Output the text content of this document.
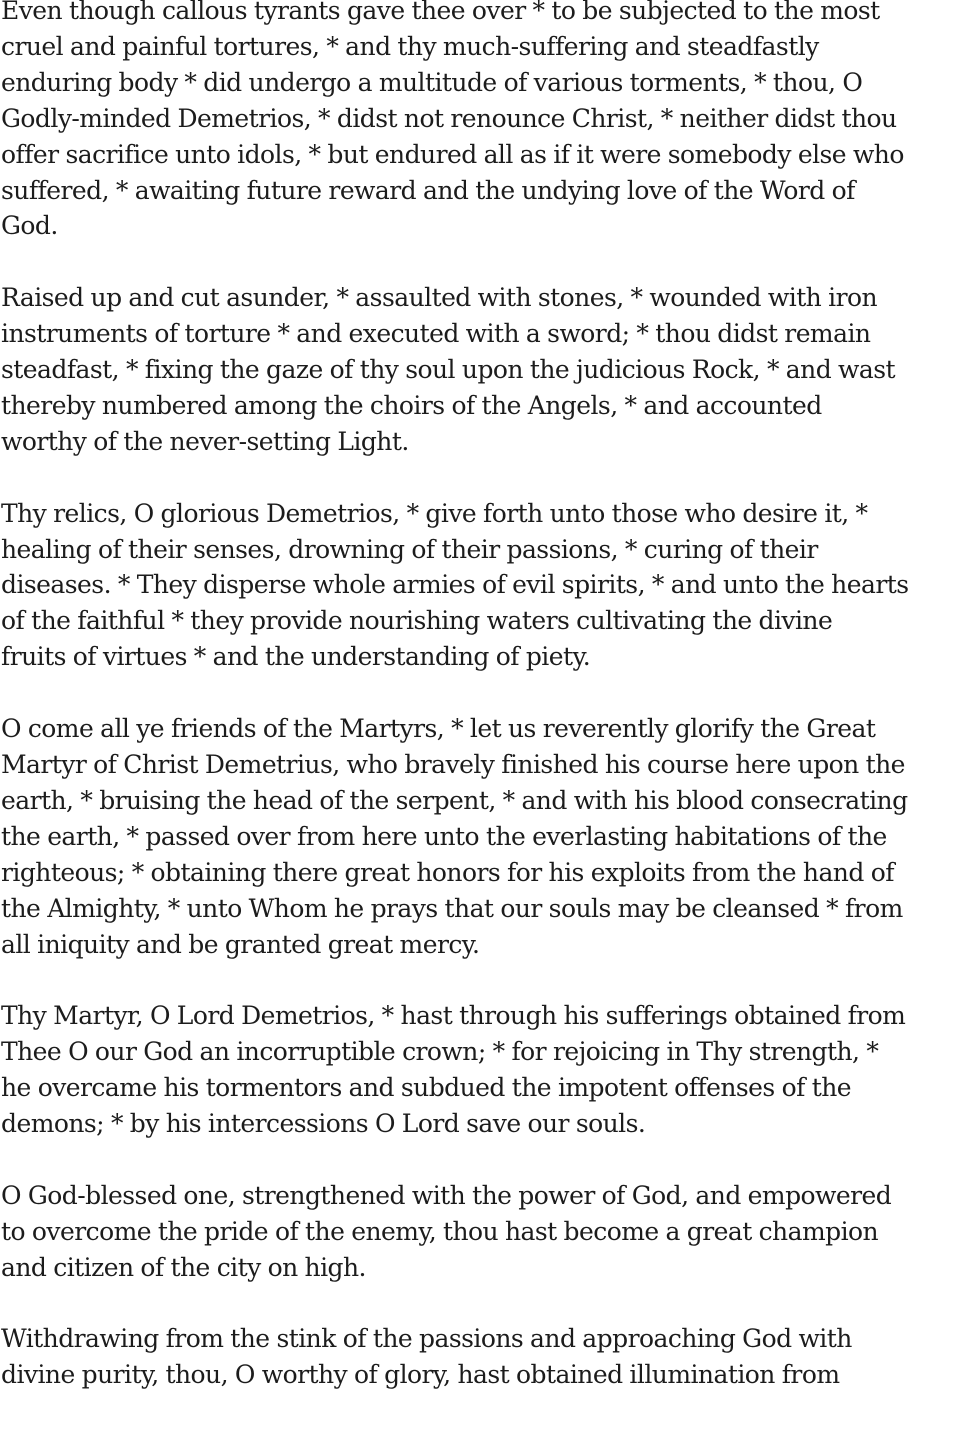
Even though callous tyrants gave thee over * to be subjected to the most
cruel and painful tortures, * and thy much-suffering and steadfastly
enduring body * did undergo a multitude of various torments, * thou, O
Godly-minded Demetrios, * didst not renounce Christ, * neither didst thou
offer sacrifice unto idols, * but endured all as if it were somebody else who
suffered, * awaiting future reward and the undying love of the Word of
God.

Raised up and cut asunder, * assaulted with stones, * wounded with iron
instruments of torture * and executed with a sword; * thou didst remain
steadfast, * fixing the gaze of thy soul upon the judicious Rock, * and wast
thereby numbered among the choirs of the Angels, * and accounted
worthy of the never-setting Light.

Thy relics, O glorious Demetrios, * give forth unto those who desire it, *
healing of their senses, drowning of their passions, * curing of their
diseases. * They disperse whole armies of evil spirits, * and unto the hearts
of the faithful * they provide nourishing waters cultivating the divine
fruits of virtues * and the understanding of piety.

O come all ye friends of the Martyrs, * let us reverently glorify the Great
Martyr of Christ Demetrius, who bravely finished his course here upon the
earth, * bruising the head of the serpent, * and with his blood consecrating
the earth, * passed over from here unto the everlasting habitations of the
righteous; * obtaining there great honors for his exploits from the hand of
the Almighty, * unto Whom he prays that our souls may be cleansed * from
all iniquity and be granted great mercy.

Thy Martyr, O Lord Demetrios, * hast through his sufferings obtained from
Thee O our God an incorruptible crown; * for rejoicing in Thy strength, *
he overcame his tormentors and subdued the impotent offenses of the
demons; * by his intercessions O Lord save our souls.

O God-blessed one, strengthened with the power of God, and empowered
to overcome the pride of the enemy, thou hast become a great champion
and citizen of the city on high.

Withdrawing from the stink of the passions and approaching God with
divine purity, thou, O worthy of glory, hast obtained illumination from
